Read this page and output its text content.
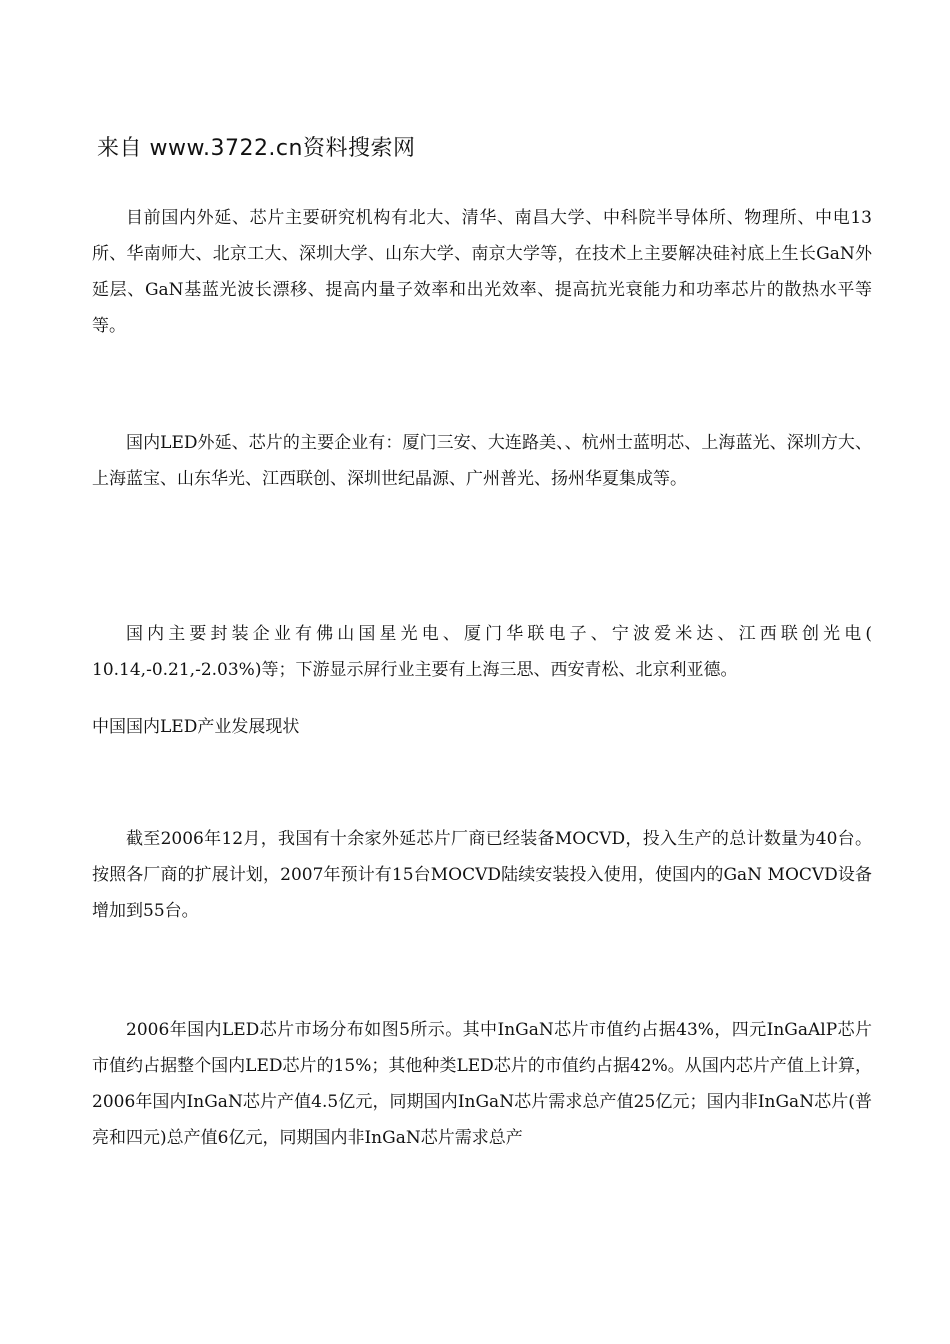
来自 www.3722.cn资料搜索网

目前国内外延、芯片主要研究机构有北大、清华、南昌大学、中科院半导体所、物理所、中电13所、华南师大、北京工大、深圳大学、山东大学、南京大学等，在技术上主要解决硅衬底上生长GaN外延层、GaN基蓝光波长漂移、提高内量子效率和出光效率、提高抗光衰能力和功率芯片的散热水平等等。

国内LED外延、芯片的主要企业有：厦门三安、大连路美、、杭州士蓝明芯、上海蓝光、深圳方大、上海蓝宝、山东华光、江西联创、深圳世纪晶源、广州普光、扬州华夏集成等。

国内主要封装企业有佛山国星光电、厦门华联电子、宁波爱米达、江西联创光电( 10.14,-0.21,-2.03%)等；下游显示屏行业主要有上海三思、西安青松、北京利亚德。

中国国内LED产业发展现状

截至2006年12月，我国有十余家外延芯片厂商已经装备MOCVD，投入生产的总计数量为40台。按照各厂商的扩展计划，2007年预计有15台MOCVD陆续安装投入使用，使国内的GaN MOCVD设备增加到55台。

2006年国内LED芯片市场分布如图5所示。其中InGaN芯片市值约占据43%，四元InGaAlP芯片市值约占据整个国内LED芯片的15%；其他种类LED芯片的市值约占据42%。从国内芯片产值上计算，2006年国内InGaN芯片产值4.5亿元，同期国内InGaN芯片需求总产值25亿元；国内非InGaN芯片(普亮和四元)总产值6亿元，同期国内非InGaN芯片需求总产
